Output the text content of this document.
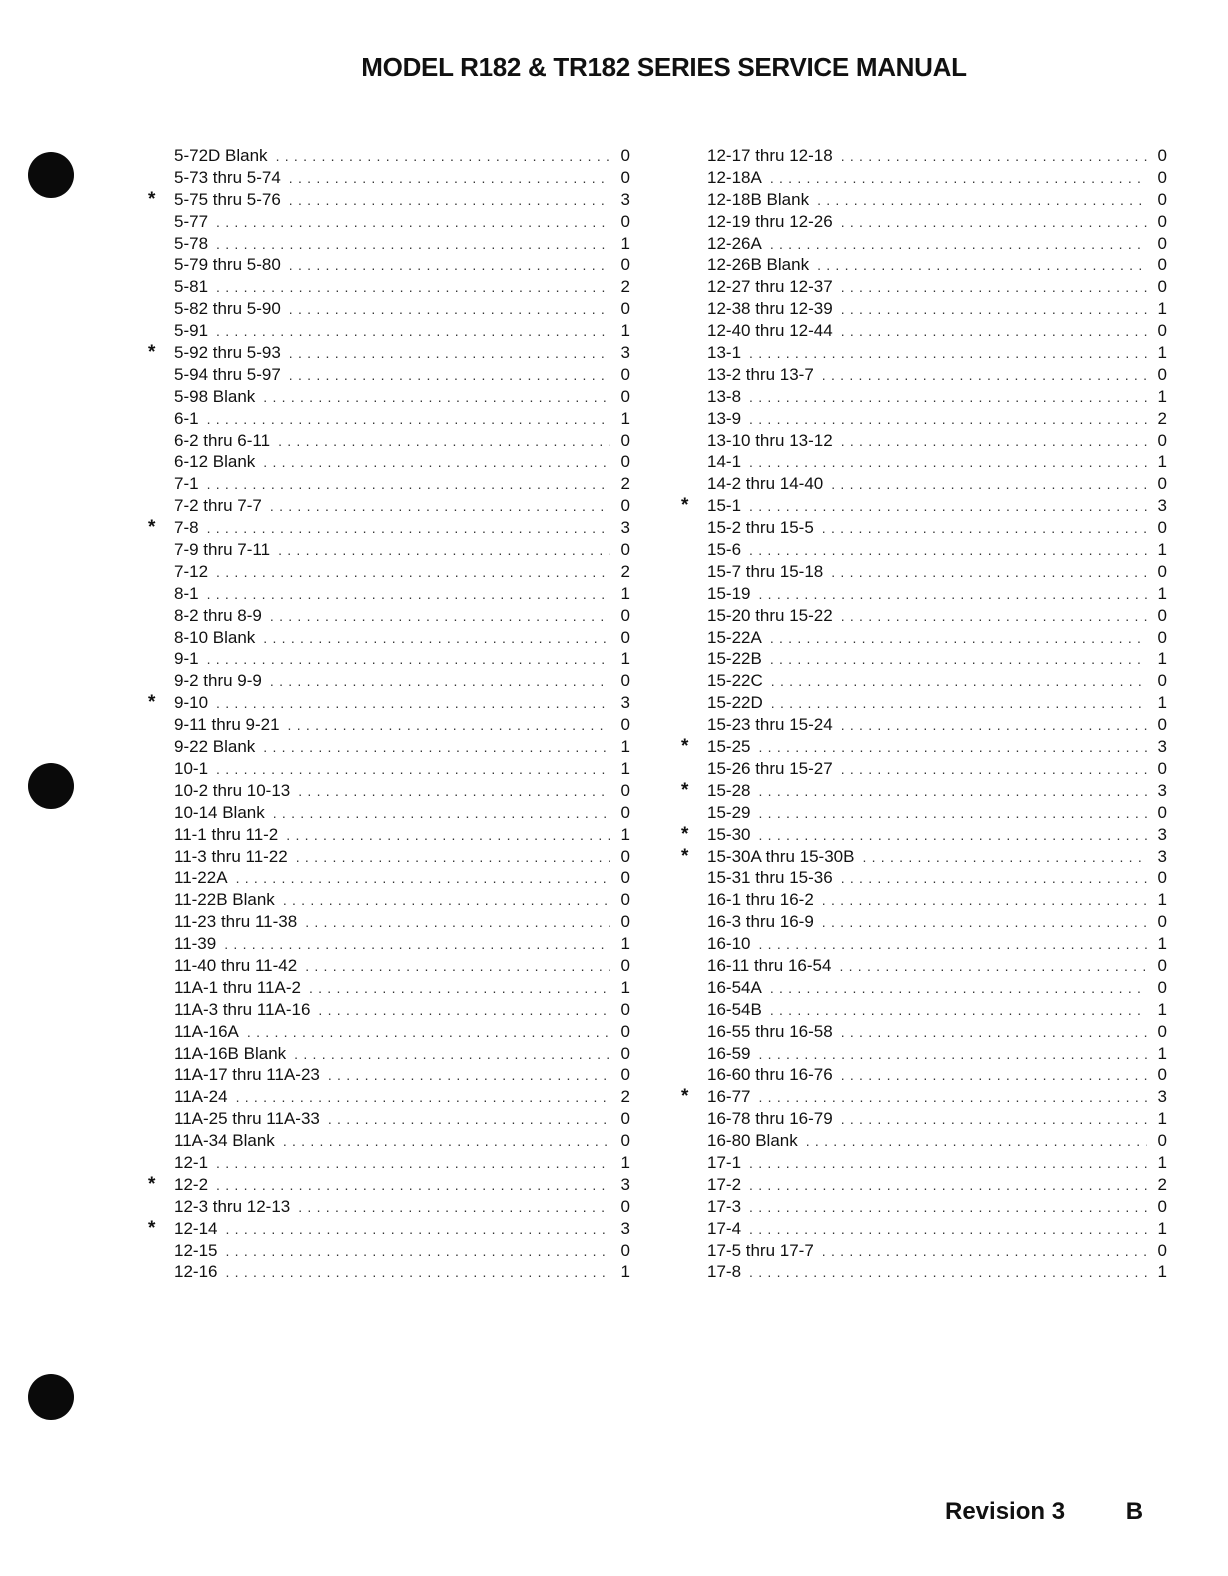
MODEL R182 & TR182 SERIES SERVICE MANUAL
5-72D Blank . . .	0
5-73 thru 5-74 . . .	0
* 5-75 thru 5-76 . . .	3
5-77 . . .	0
5-78 . . .	1
5-79 thru 5-80 . . .	0
5-81 . . .	2
5-82 thru 5-90 . . .	0
5-91 . . .	1
* 5-92 thru 5-93 . . .	3
5-94 thru 5-97 . . .	0
5-98 Blank . . .	0
6-1 . . .	1
6-2 thru 6-11 . . .	0
6-12 Blank . . .	0
7-1 . . .	2
7-2 thru 7-7 . . .	0
* 7-8 . . .	3
7-9 thru 7-11 . . .	0
7-12 . . .	2
8-1 . . .	1
8-2 thru 8-9 . . .	0
8-10 Blank . . .	0
9-1 . . .	1
9-2 thru 9-9 . . .	0
* 9-10 . . .	3
9-11 thru 9-21 . . .	0
9-22 Blank . . .	1
10-1 . . .	1
10-2 thru 10-13 . . .	0
10-14 Blank . . .	0
11-1 thru 11-2 . . .	1
11-3 thru 11-22 . . .	0
11-22A . . .	0
11-22B Blank . . .	0
11-23 thru 11-38 . . .	0
11-39 . . .	1
11-40 thru 11-42 . . .	0
11A-1 thru 11A-2 . . .	1
11A-3 thru 11A-16 . . .	0
11A-16A . . .	0
11A-16B Blank . . .	0
11A-17 thru 11A-23 . . .	0
11A-24 . . .	2
11A-25 thru 11A-33 . . .	0
11A-34 Blank . . .	0
12-1 . . .	1
* 12-2 . . .	3
12-3 thru 12-13 . . .	0
* 12-14 . . .	3
12-15 . . .	0
12-16 . . .	1
12-17 thru 12-18 . . .	0
12-18A . . .	0
12-18B Blank . . .	0
12-19 thru 12-26 . . .	0
12-26A . . .	0
12-26B Blank . . .	0
12-27 thru 12-37 . . .	0
12-38 thru 12-39 . . .	1
12-40 thru 12-44 . . .	0
13-1 . . .	1
13-2 thru 13-7 . . .	0
13-8 . . .	1
13-9 . . .	2
13-10 thru 13-12 . . .	0
14-1 . . .	1
14-2 thru 14-40 . . .	0
* 15-1 . . .	3
15-2 thru 15-5 . . .	0
15-6 . . .	1
15-7 thru 15-18 . . .	0
15-19 . . .	1
15-20 thru 15-22 . . .	0
15-22A . . .	0
15-22B . . .	1
15-22C . . .	0
15-22D . . .	1
15-23 thru 15-24 . . .	0
* 15-25 . . .	3
15-26 thru 15-27 . . .	0
* 15-28 . . .	3
15-29 . . .	0
* 15-30 . . .	3
* 15-30A thru 15-30B . . .	3
15-31 thru 15-36 . . .	0
16-1 thru 16-2 . . .	1
16-3 thru 16-9 . . .	0
16-10 . . .	1
16-11 thru 16-54 . . .	0
16-54A . . .	0
16-54B . . .	1
16-55 thru 16-58 . . .	0
16-59 . . .	1
16-60 thru 16-76 . . .	0
* 16-77 . . .	3
16-78 thru 16-79 . . .	1
16-80 Blank . . .	0
17-1 . . .	1
17-2 . . .	2
17-3 . . .	0
17-4 . . .	1
17-5 thru 17-7 . . .	0
17-8 . . .	1
Revision 3	B
